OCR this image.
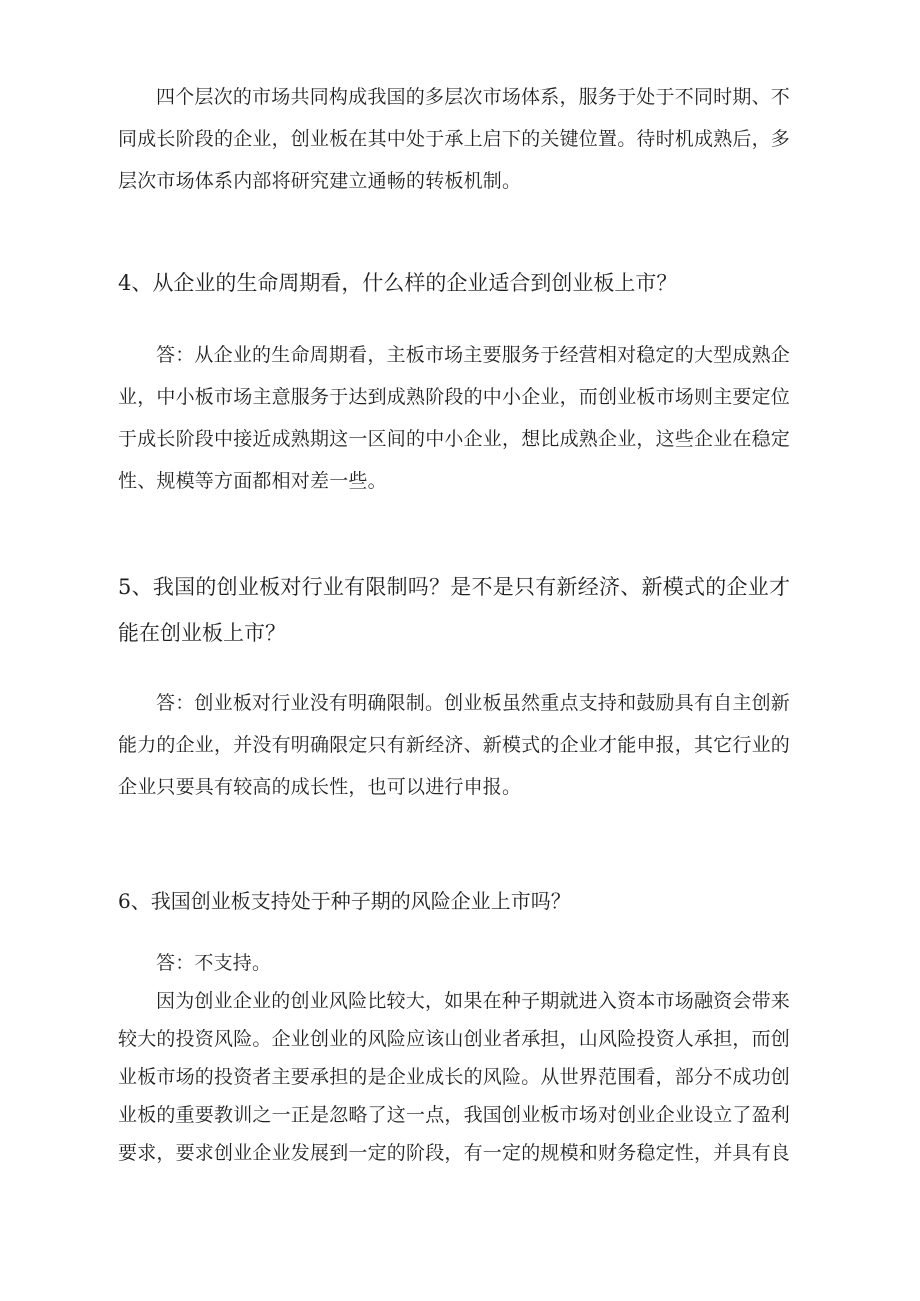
四个层次的市场共同构成我国的多层次市场体系，服务于处于不同时期、不同成长阶段的企业，创业板在其中处于承上启下的关键位置。待时机成熟后，多层次市场体系内部将研究建立通畅的转板机制。

4、从企业的生命周期看，什么样的企业适合到创业板上市？

答：从企业的生命周期看，主板市场主要服务于经营相对稳定的大型成熟企业，中小板市场主意服务于达到成熟阶段的中小企业，而创业板市场则主要定位于成长阶段中接近成熟期这一区间的中小企业，想比成熟企业，这些企业在稳定性、规模等方面都相对差一些。

5、我国的创业板对行业有限制吗？是不是只有新经济、新模式的企业才能在创业板上市？

答：创业板对行业没有明确限制。创业板虽然重点支持和鼓励具有自主创新能力的企业，并没有明确限定只有新经济、新模式的企业才能申报，其它行业的企业只要具有较高的成长性，也可以进行申报。

6、我国创业板支持处于种子期的风险企业上市吗？

答：不支持。

因为创业企业的创业风险比较大，如果在种子期就进入资本市场融资会带来较大的投资风险。企业创业的风险应该山创业者承担，山风险投资人承担，而创业板市场的投资者主要承担的是企业成长的风险。从世界范围看，部分不成功创业板的重要教训之一正是忽略了这一点，我国创业板市场对创业企业设立了盈利要求，要求创业企业发展到一定的阶段，有一定的规模和财务稳定性，并具有良
